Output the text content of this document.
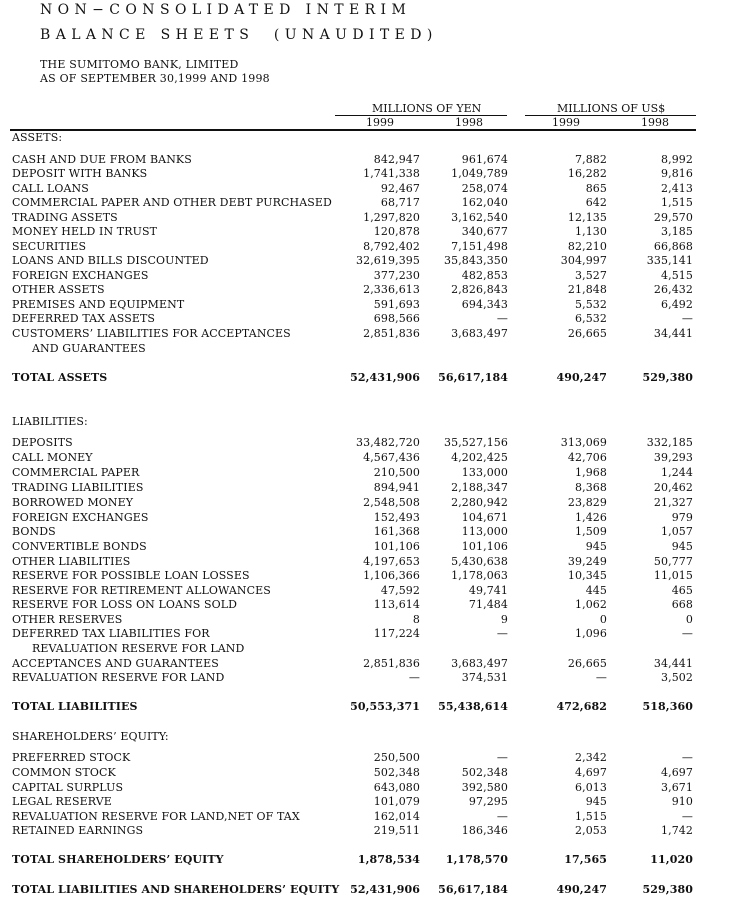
NON−CONSOLIDATED INTERIM
BALANCE SHEETS  (UNAUDITED)
THE SUMITOMO BANK, LIMITED
AS OF SEPTEMBER 30,1999 AND 1998
MILLIONS OF YEN	MILLIONS OF US$
1999	1998	1999	1998
ASSETS:
LIABILITIES:
SHAREHOLDERS’ EQUITY:
CASH AND DUE FROM BANKS	842,947	961,674	7,882	8,992
DEPOSIT WITH BANKS	1,741,338	1,049,789	16,282	9,816
CALL LOANS	92,467	258,074	865	2,413
COMMERCIAL PAPER AND OTHER DEBT PURCHASED	68,717	162,040	642	1,515
TRADING ASSETS	1,297,820	3,162,540	12,135	29,570
MONEY HELD IN TRUST	120,878	340,677	1,130	3,185
SECURITIES	8,792,402	7,151,498	82,210	66,868
LOANS AND BILLS DISCOUNTED	32,619,395 35,843,350	304,997	335,141
FOREIGN EXCHANGES	377,230	482,853	3,527	4,515
OTHER ASSETS	2,336,613	2,826,843	21,848	26,432
PREMISES AND EQUIPMENT	591,693	694,343	5,532	6,492
DEFERRED TAX ASSETS	698,566	—	6,532	—
CUSTOMERS’ LIABILITIES FOR ACCEPTANCES	2,851,836	3,683,497	26,665	34,441
AND GUARANTEES
TOTAL ASSETS	52,431,906 56,617,184	490,247	529,380
DEPOSITS	33,482,720 35,527,156	313,069	332,185
CALL MONEY	4,567,436	4,202,425	42,706	39,293
COMMERCIAL PAPER	210,500	133,000	1,968	1,244
TRADING LIABILITIES	894,941	2,188,347	8,368	20,462
BORROWED MONEY	2,548,508	2,280,942	23,829	21,327
FOREIGN EXCHANGES	152,493	104,671	1,426	979
BONDS	161,368	113,000	1,509	1,057
CONVERTIBLE BONDS	101,106	101,106	945	945
OTHER LIABILITIES	4,197,653	5,430,638	39,249	50,777
RESERVE FOR POSSIBLE LOAN LOSSES	1,106,366	1,178,063	10,345	11,015
RESERVE FOR RETIREMENT ALLOWANCES	47,592	49,741	445	465
RESERVE FOR LOSS ON LOANS SOLD	113,614	71,484	1,062	668
OTHER RESERVES	8	9	0	0
DEFERRED TAX LIABILITIES FOR	117,224	—	1,096	—
REVALUATION RESERVE FOR LAND
ACCEPTANCES AND GUARANTEES	2,851,836	3,683,497	26,665	34,441
REVALUATION RESERVE FOR LAND	—	374,531	—	3,502
TOTAL LIABILITIES	50,553,371 55,438,614	472,682	518,360
PREFERRED STOCK	250,500	—	2,342	—
COMMON STOCK	502,348	502,348	4,697	4,697
CAPITAL SURPLUS	643,080	392,580	6,013	3,671
LEGAL RESERVE	101,079	97,295	945	910
REVALUATION RESERVE FOR LAND,NET OF TAX	162,014	—	1,515	—
RETAINED EARNINGS	219,511	186,346	2,053	1,742
TOTAL SHAREHOLDERS’ EQUITY	1,878,534 1,178,570	17,565	11,020
TOTAL LIABILITIES AND SHAREHOLDERS’ EQUITY 52,431,906 56,617,184	490,247	529,380
